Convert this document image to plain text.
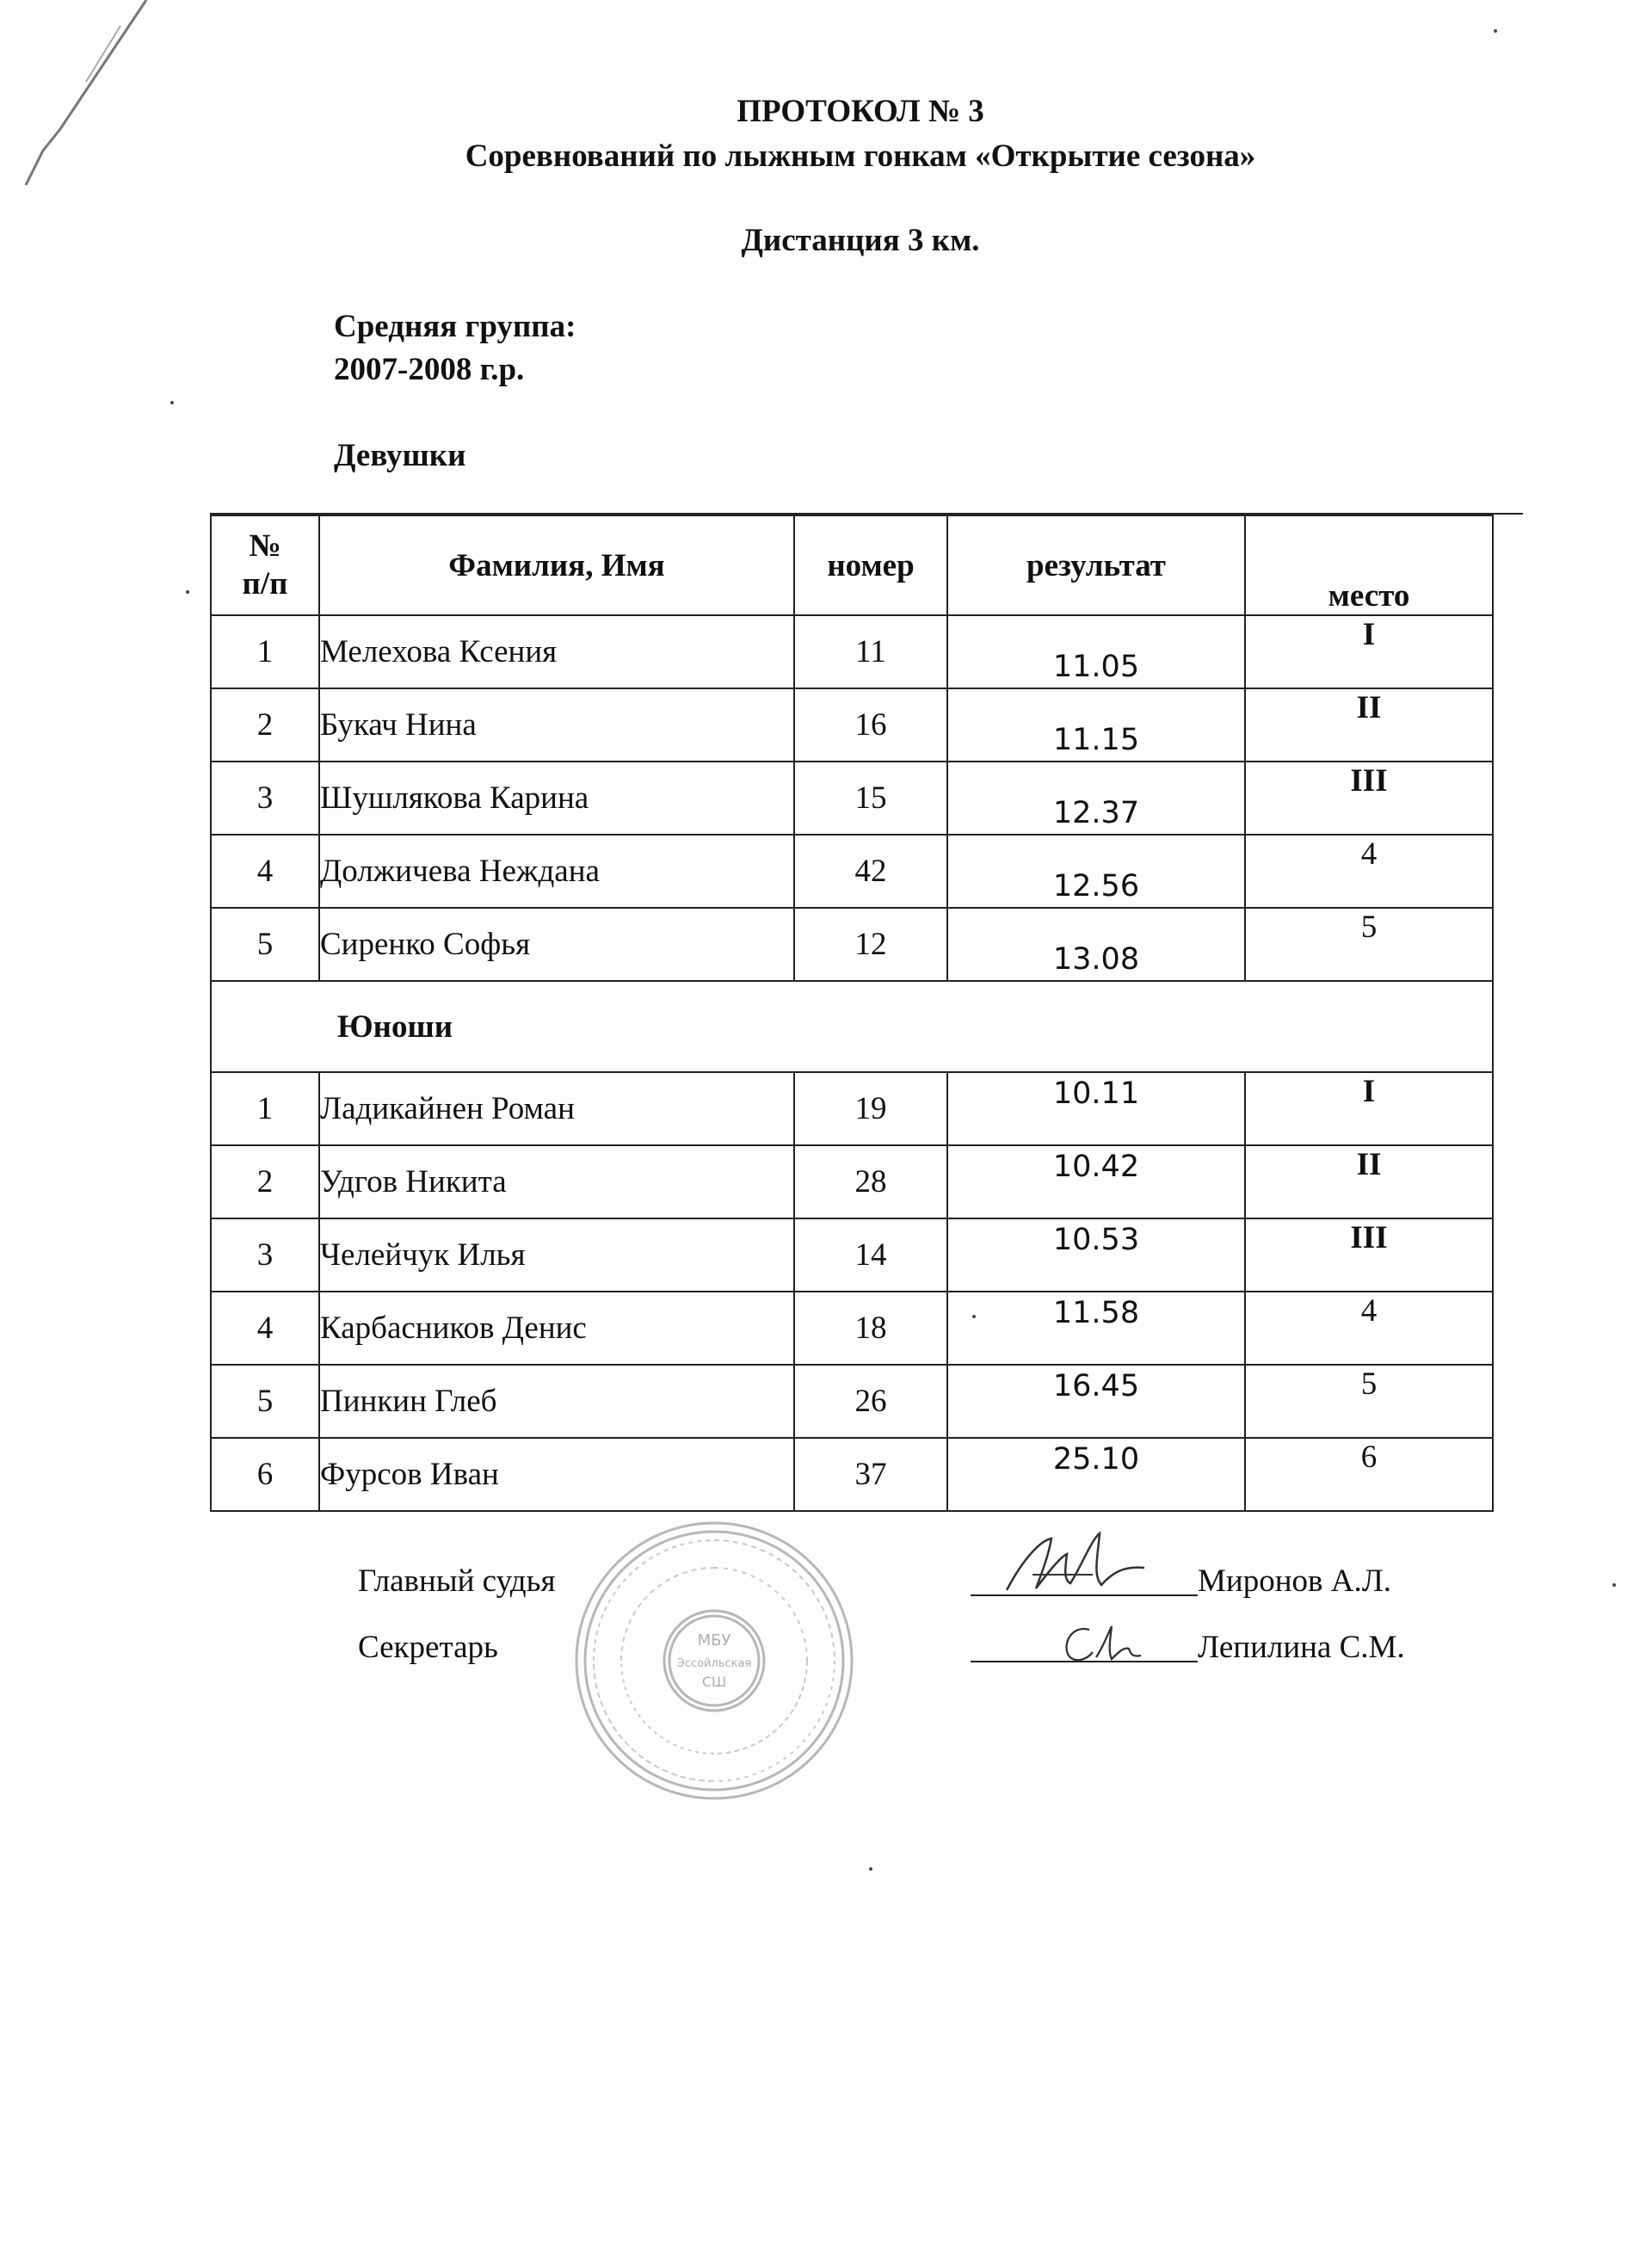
ПРОТОКОЛ № 3
Соревнований по лыжным гонкам «Открытие сезона»
Дистанция 3 км.
Средняя группа:
2007-2008 г.р.
Девушки
№
п/п	Фамилия, Имя	номер	результат	место
1	Мелехова Ксения	11	11.05	I
2	Букач Нина	16	11.15	II
3	Шушлякова Карина	15	12.37	III
4	Должичева Неждана	42	12.56	4
5	Сиренко Софья	12	13.08	5
Юноши				
1	Ладикайнен Роман	19	10.11	I
2	Удгов Никита	28	10.42	II
3	Челейчук Илья	14	10.53	III
4	Карбасников Денис	18	11.58	4
5	Пинкин Глеб	26	16.45	5
6	Фурсов Иван	37	25.10	6
МБУ
Эссойльская
СШ
Главный судья
Секретарь
Миронов А.Л.
Лепилина С.М.
